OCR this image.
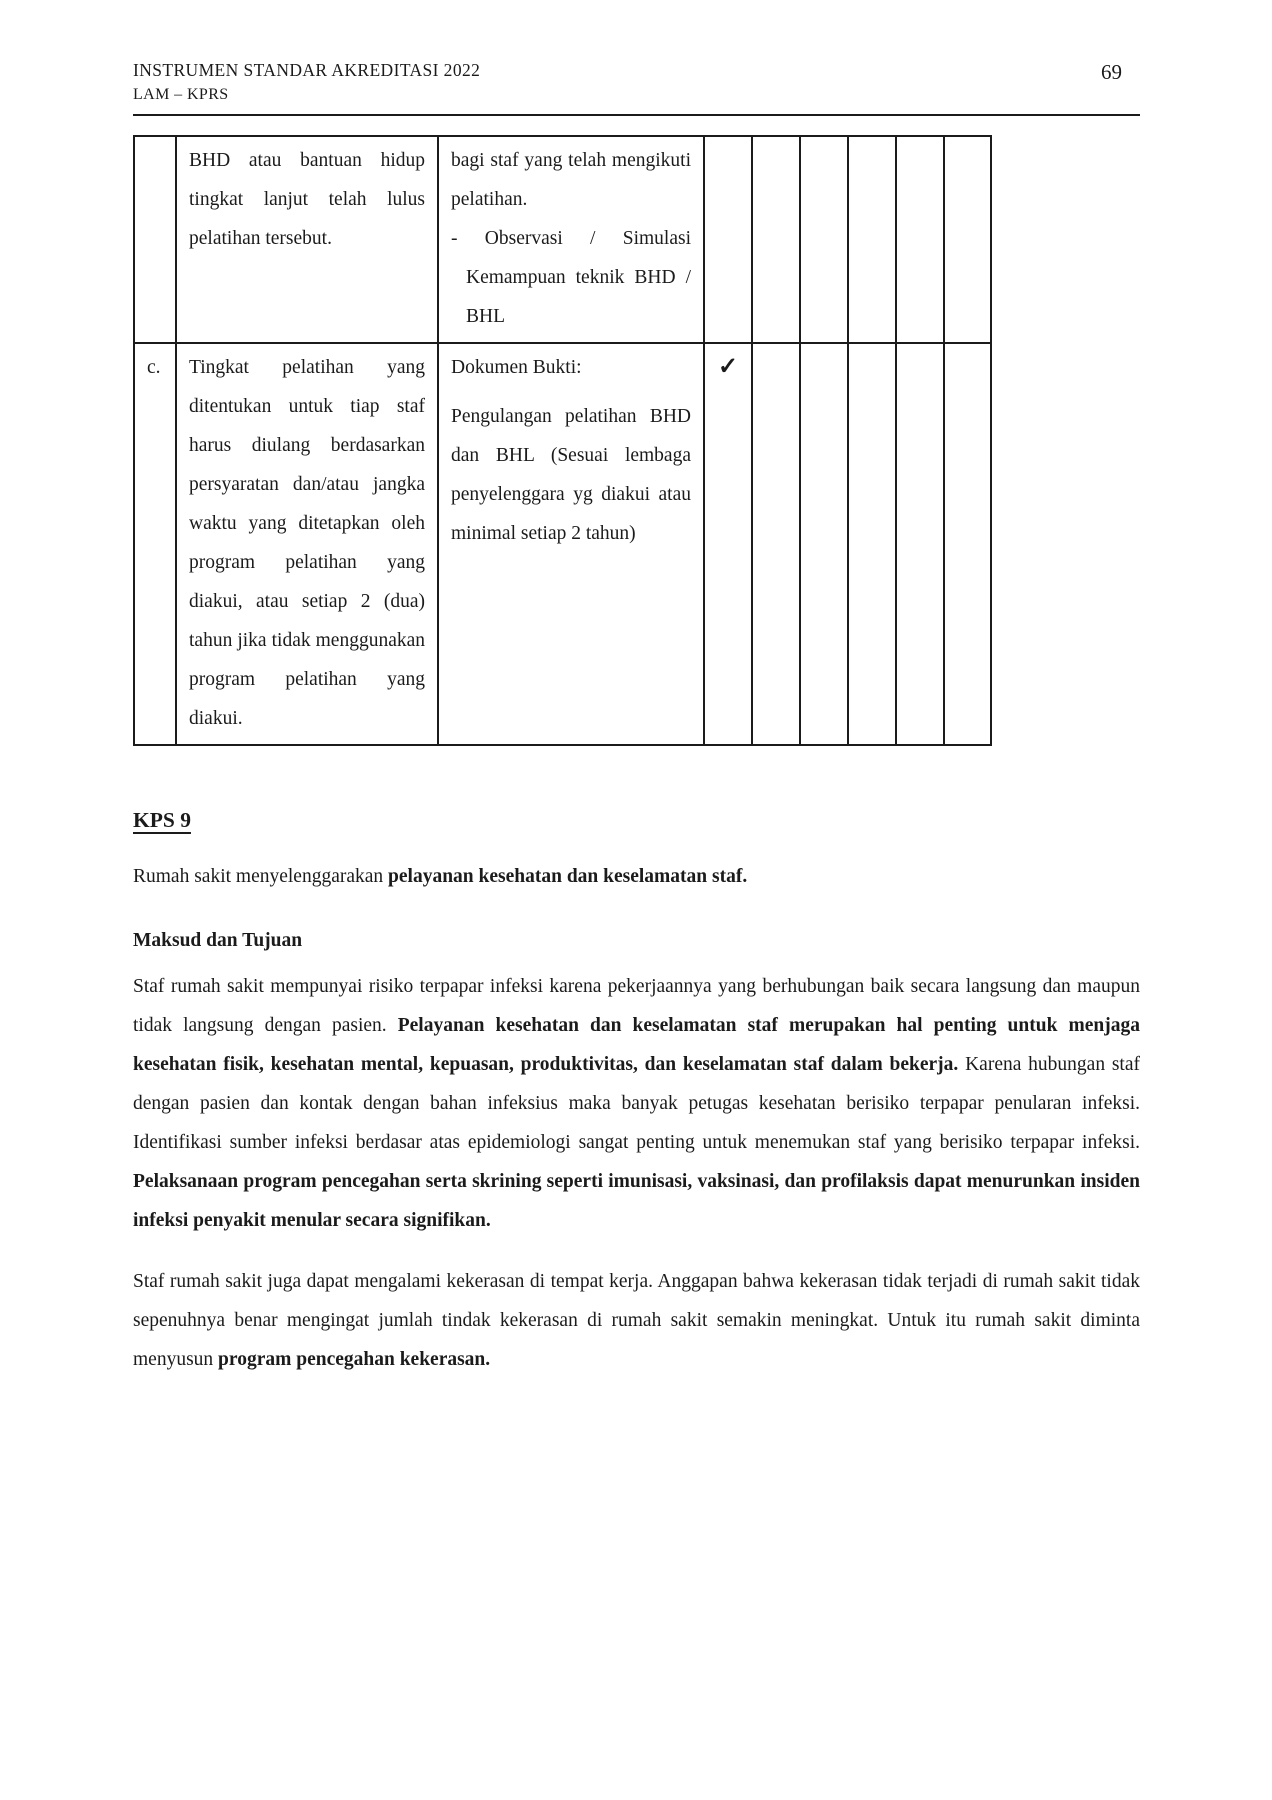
INSTRUMEN STANDAR AKREDITASI 2022
LAM – KPRS
69

	BHD atau bantuan hidup tingkat lanjut telah lulus pelatihan tersebut.	bagi staf yang telah mengikuti pelatihan.
- Observasi / Simulasi Kemampuan teknik BHD / BHL						

c.	Tingkat pelatihan yang ditentukan untuk tiap staf harus diulang berdasarkan persyaratan dan/atau jangka waktu yang ditetapkan oleh program pelatihan yang diakui, atau setiap 2 (dua) tahun jika tidak menggunakan program pelatihan yang diakui.	Dokumen Bukti:
Pengulangan pelatihan BHD dan BHL (Sesuai lembaga penyelenggara yg diakui atau minimal setiap 2 tahun)	✓					
KPS 9

Rumah sakit menyelenggarakan pelayanan kesehatan dan keselamatan staf.

Maksud dan Tujuan

Staf rumah sakit mempunyai risiko terpapar infeksi karena pekerjaannya yang berhubungan baik secara langsung dan maupun tidak langsung dengan pasien. Pelayanan kesehatan dan keselamatan staf merupakan hal penting untuk menjaga kesehatan fisik, kesehatan mental, kepuasan, produktivitas, dan keselamatan staf dalam bekerja. Karena hubungan staf dengan pasien dan kontak dengan bahan infeksius maka banyak petugas kesehatan berisiko terpapar penularan infeksi. Identifikasi sumber infeksi berdasar atas epidemiologi sangat penting untuk menemukan staf yang berisiko terpapar infeksi. Pelaksanaan program pencegahan serta skrining seperti imunisasi, vaksinasi, dan profilaksis dapat menurunkan insiden infeksi penyakit menular secara signifikan.

Staf rumah sakit juga dapat mengalami kekerasan di tempat kerja. Anggapan bahwa kekerasan tidak terjadi di rumah sakit tidak sepenuhnya benar mengingat jumlah tindak kekerasan di rumah sakit semakin meningkat. Untuk itu rumah sakit diminta menyusun program pencegahan kekerasan.
